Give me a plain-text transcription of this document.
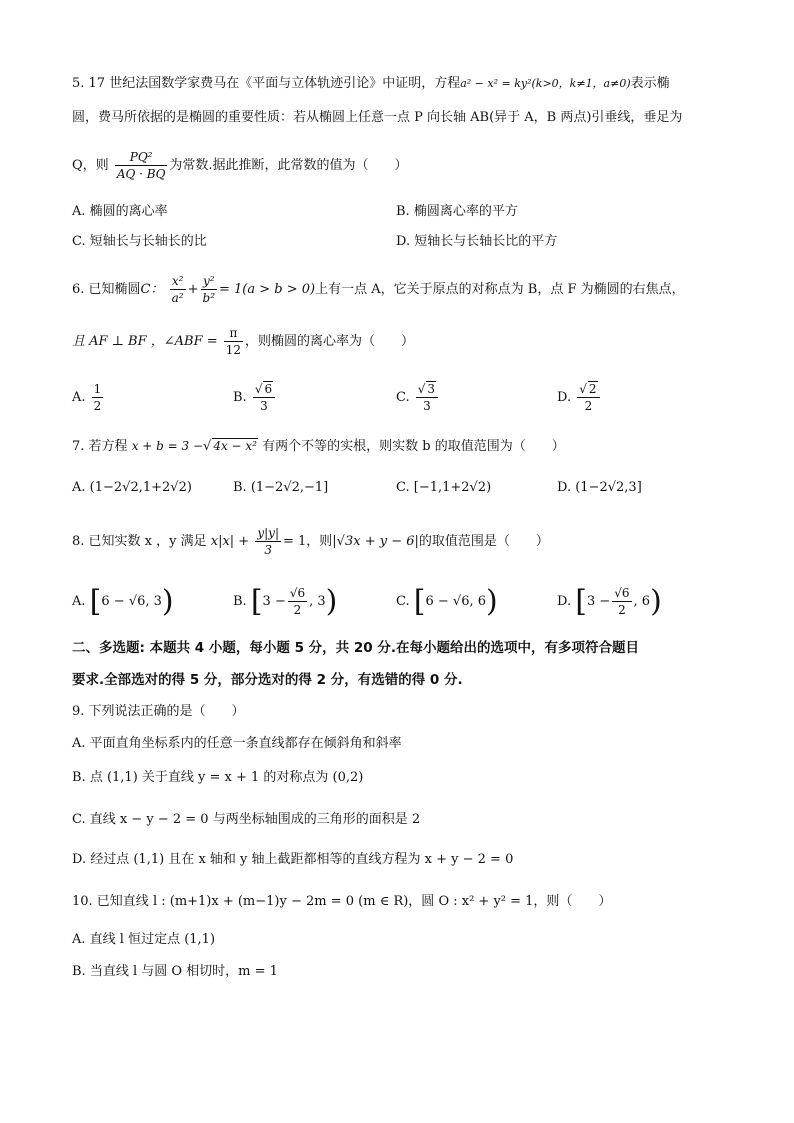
5. 17 世纪法国数学家费马在《平面与立体轨迹引论》中证明，方程a² − x² = ky²(k>0，k≠1，a≠0)表示椭
圆，费马所依据的是椭圆的重要性质：若从椭圆上任意一点 P 向长轴 AB(异于 A，B 两点)引垂线，垂足为
Q，则 $\frac{\text{PQ²}}{AQ \cdot BQ}$ 为常数.据此推断，此常数的值为（　　）
A. 椭圆的离心率	B. 椭圆离心率的平方
C. 短轴长与长轴长的比	D. 短轴长与长轴长比的平方
6. 已知椭圆C： $\frac{\text{x²}}{\text{a²}} + \frac{\text{y²}}{\text{b²}} = 1(a > b > 0)$上有一点 A，它关于原点的对称点为 B，点 F 为椭圆的右焦点，
且 AF ⊥ BF ，∠ABF = $\frac{\pi}{12}$ ，则椭圆的离心率为（　　）
A. $\frac{1}{2}$	B. √ $\frac{6}{3}$	C. √ $\frac{3}{3}$	D. √ $\frac{2}{2}$
7. 若方程 x + b = 3 − √ 4x − x² 有两个不等的实根，则实数 b 的取值范围为（　　）
A. (1−2√2,1+2√2)	B. (1−2√2,−1]	C. [−1,1+2√2)	D. (1−2√2,3]
8. 已知实数 x ，y 满足 $x|x| + \frac{y|y|}{3} = 1$，则|√3x + y − 6|的取值范围是（　　）
A. [6 − √6, 3)	B. [$3 - \frac{√6}{2}$ , 3)	C. [6 − √6, 6)	D. [$3 - \frac{√6}{2}$ , 6)
二、多选题: 本题共 4 小题，每小题 5 分，共 20 分.在每小题给出的选项中，有多项符合题目
要求.全部选对的得 5 分，部分选对的得 2 分，有选错的得 0 分.
9. 下列说法正确的是（　　）
A. 平面直角坐标系内的任意一条直线都存在倾斜角和斜率
B. 点 (1,1) 关于直线 y = x + 1 的对称点为 (0,2)
C. 直线 x − y − 2 = 0 与两坐标轴围成的三角形的面积是 2
D. 经过点 (1,1) 且在 x 轴和 y 轴上截距都相等的直线方程为 x + y − 2 = 0
10. 已知直线 l : (m+1)x + (m−1)y − 2m = 0 (m ∈ R)，圆 O : x² + y² = 1，则（　　）
A. 直线 l 恒过定点 (1,1)
B. 当直线 l 与圆 O 相切时，m = 1
